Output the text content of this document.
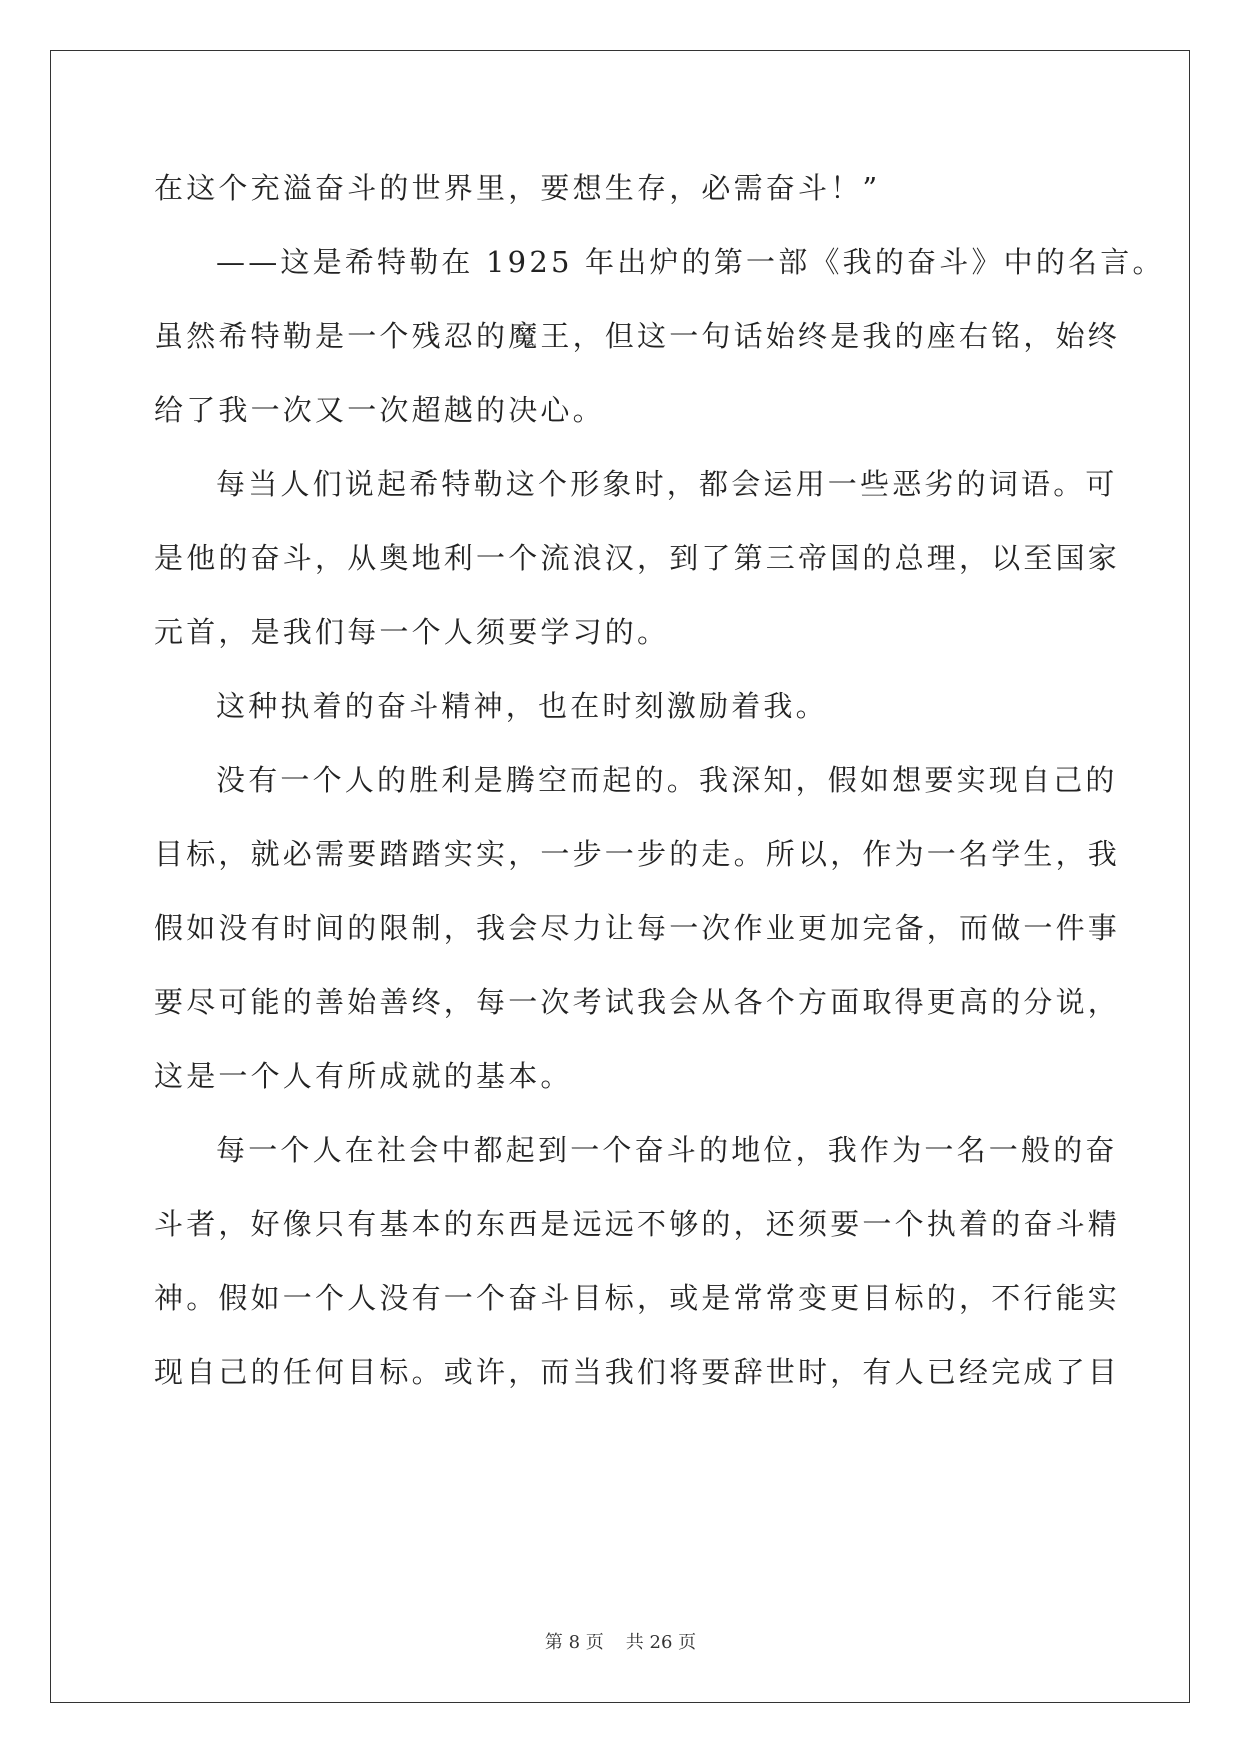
在这个充溢奋斗的世界里，要想生存，必需奋斗！”
——这是希特勒在 1925 年出炉的第一部《我的奋斗》中的名言。
虽然希特勒是一个残忍的魔王，但这一句话始终是我的座右铭，始终
给了我一次又一次超越的决心。
每当人们说起希特勒这个形象时，都会运用一些恶劣的词语。可
是他的奋斗，从奥地利一个流浪汉，到了第三帝国的总理，以至国家
元首，是我们每一个人须要学习的。
这种执着的奋斗精神，也在时刻激励着我。
没有一个人的胜利是腾空而起的。我深知，假如想要实现自己的
目标，就必需要踏踏实实，一步一步的走。所以，作为一名学生，我
假如没有时间的限制，我会尽力让每一次作业更加完备，而做一件事
要尽可能的善始善终，每一次考试我会从各个方面取得更高的分说，
这是一个人有所成就的基本。
每一个人在社会中都起到一个奋斗的地位，我作为一名一般的奋
斗者，好像只有基本的东西是远远不够的，还须要一个执着的奋斗精
神。假如一个人没有一个奋斗目标，或是常常变更目标的，不行能实
现自己的任何目标。或许，而当我们将要辞世时，有人已经完成了目
第 8 页 共 26 页
